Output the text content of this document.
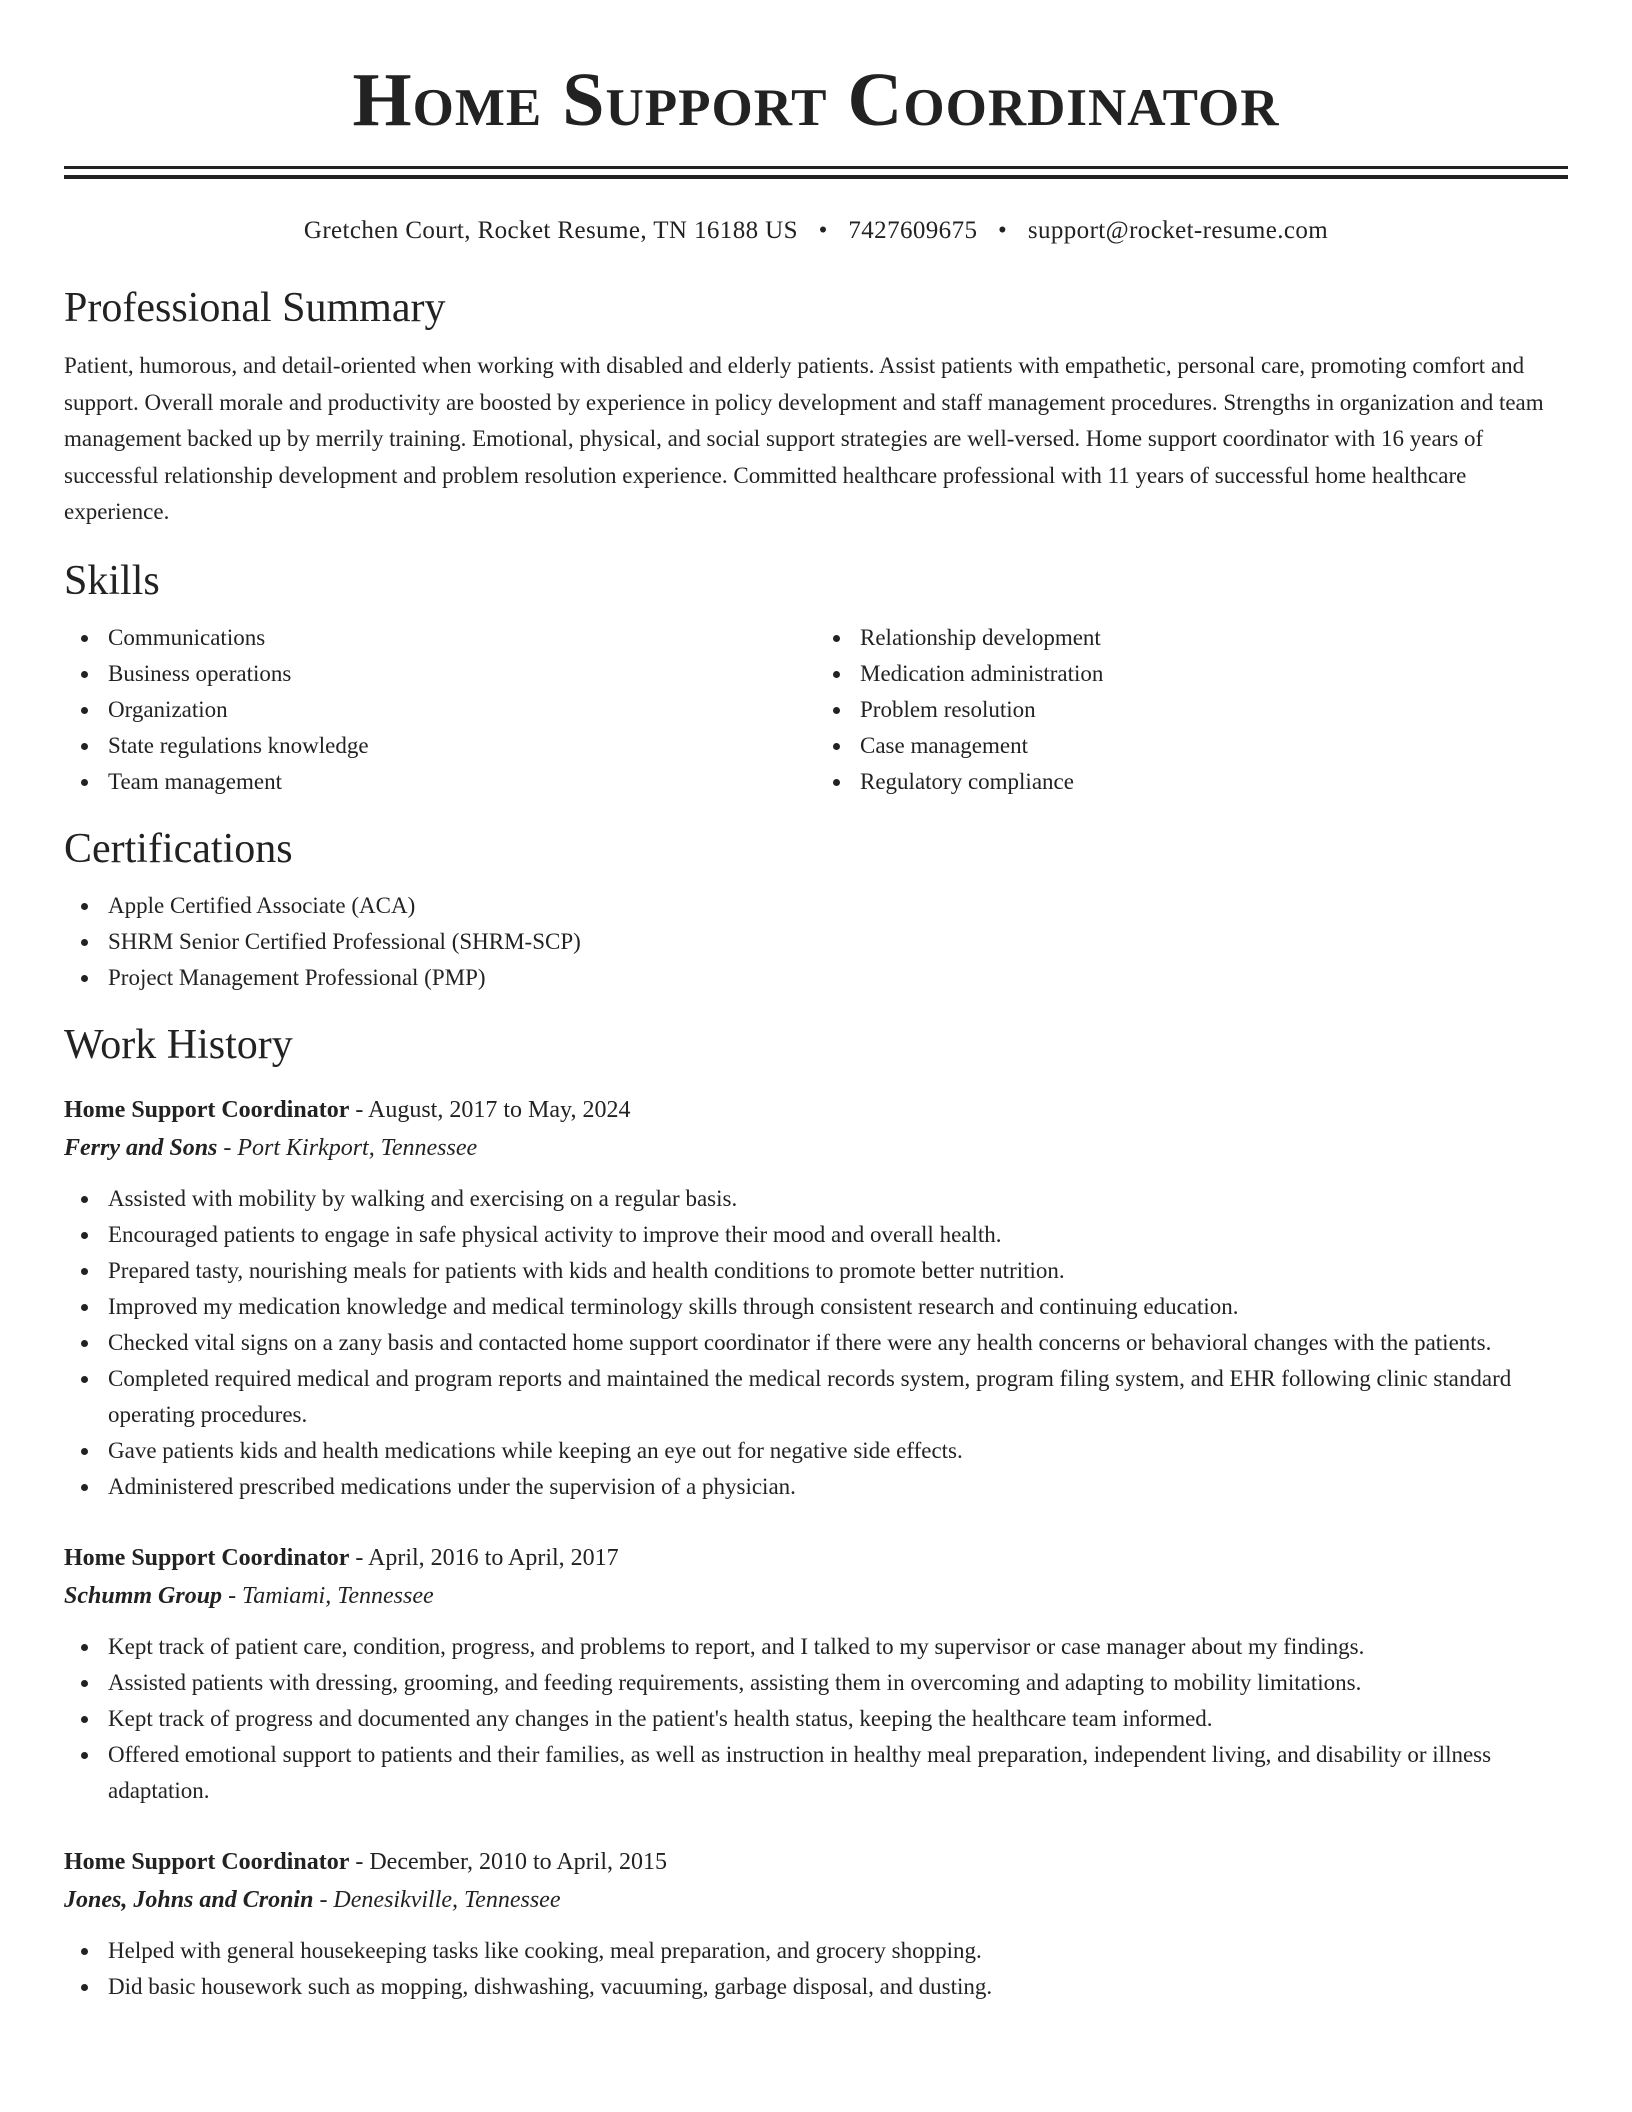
Home Support Coordinator
Gretchen Court, Rocket Resume, TN 16188 US • 7427609675 • support@rocket-resume.com
Professional Summary

Patient, humorous, and detail-oriented when working with disabled and elderly patients. Assist patients with empathetic, personal care, promoting comfort and support. Overall morale and productivity are boosted by experience in policy development and staff management procedures. Strengths in organization and team management backed up by merrily training. Emotional, physical, and social support strategies are well-versed. Home support coordinator with 16 years of successful relationship development and problem resolution experience. Committed healthcare professional with 11 years of successful home healthcare experience.

Skills
Communications
Business operations
Organization
State regulations knowledge
Team management
Relationship development
Medication administration
Problem resolution
Case management
Regulatory compliance
Certifications
Apple Certified Associate (ACA)
SHRM Senior Certified Professional (SHRM-SCP)
Project Management Professional (PMP)
Work History
Home Support Coordinator - August, 2017 to May, 2024
Ferry and Sons - Port Kirkport, Tennessee
Assisted with mobility by walking and exercising on a regular basis.
Encouraged patients to engage in safe physical activity to improve their mood and overall health.
Prepared tasty, nourishing meals for patients with kids and health conditions to promote better nutrition.
Improved my medication knowledge and medical terminology skills through consistent research and continuing education.
Checked vital signs on a zany basis and contacted home support coordinator if there were any health concerns or behavioral changes with the patients.
Completed required medical and program reports and maintained the medical records system, program filing system, and EHR following clinic standard operating procedures.
Gave patients kids and health medications while keeping an eye out for negative side effects.
Administered prescribed medications under the supervision of a physician.
Home Support Coordinator - April, 2016 to April, 2017
Schumm Group - Tamiami, Tennessee
Kept track of patient care, condition, progress, and problems to report, and I talked to my supervisor or case manager about my findings.
Assisted patients with dressing, grooming, and feeding requirements, assisting them in overcoming and adapting to mobility limitations.
Kept track of progress and documented any changes in the patient's health status, keeping the healthcare team informed.
Offered emotional support to patients and their families, as well as instruction in healthy meal preparation, independent living, and disability or illness adaptation.
Home Support Coordinator - December, 2010 to April, 2015
Jones, Johns and Cronin - Denesikville, Tennessee
Helped with general housekeeping tasks like cooking, meal preparation, and grocery shopping.
Did basic housework such as mopping, dishwashing, vacuuming, garbage disposal, and dusting.
